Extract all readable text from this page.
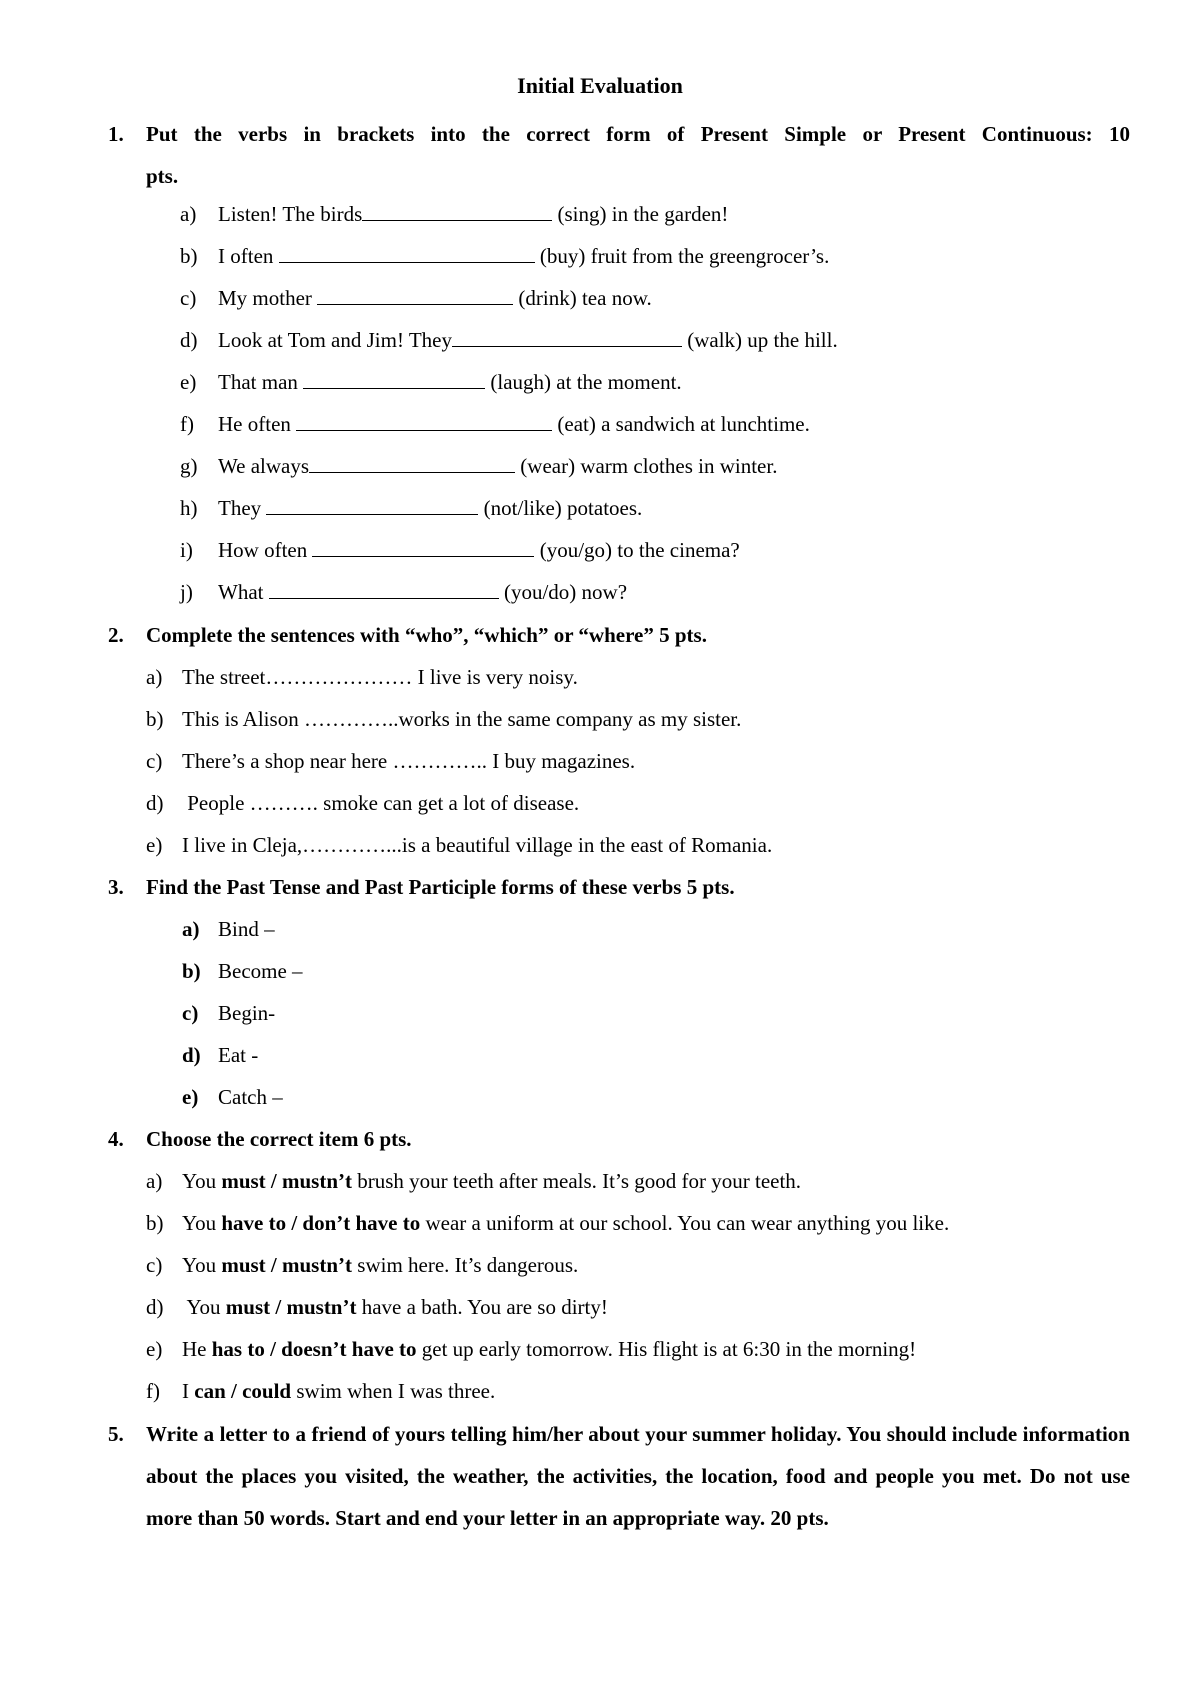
Initial Evaluation
1.	Put the verbs in brackets into the correct form of Present Simple or Present Continuous: 10
pts.
a) Listen! The birds	(sing) in the garden!
b) I often	(buy) fruit from the greengrocer’s.
c) My mother	(drink) tea now.
d) Look at Tom and Jim! They	(walk) up the hill.
e) That man	(laugh) at the moment.
f) He often	(eat) a sandwich at lunchtime.
g) We always	(wear) warm clothes in winter.
h) They	(not/like) potatoes.
i) How often	(you/go) to the cinema?
j) What	(you/do) now?
2.	Complete the sentences with “who”, “which” or “where” 5 pts.
a) The street………………… I live is very noisy.
b) This is Alison …………..works in the same company as my sister.
c) There’s a shop near here ………….. I buy magazines.
d) People ………. smoke can get a lot of disease.
e) I live in Cleja,…………...is a beautiful village in the east of Romania.
3.	Find the Past Tense and Past Participle forms of these verbs 5 pts.
a) Bind –
b) Become –
c) Begin-
d) Eat -
e) Catch –
4.	Choose the correct item 6 pts.
a) You must / mustn’t brush your teeth after meals. It’s good for your teeth.
b) You have to / don’t have to wear a uniform at our school. You can wear anything you like.
c) You must / mustn’t swim here. It’s dangerous.
d) You must / mustn’t have a bath. You are so dirty!
e) He has to / doesn’t have to get up early tomorrow. His flight is at 6:30 in the morning!
f) I can / could swim when I was three.
5.	Write a letter to a friend of yours telling him/her about your summer holiday. You should include information about the places you visited, the weather, the activities, the location, food and people you met. Do not use more than 50 words. Start and end your letter in an appropriate way. 20 pts.
